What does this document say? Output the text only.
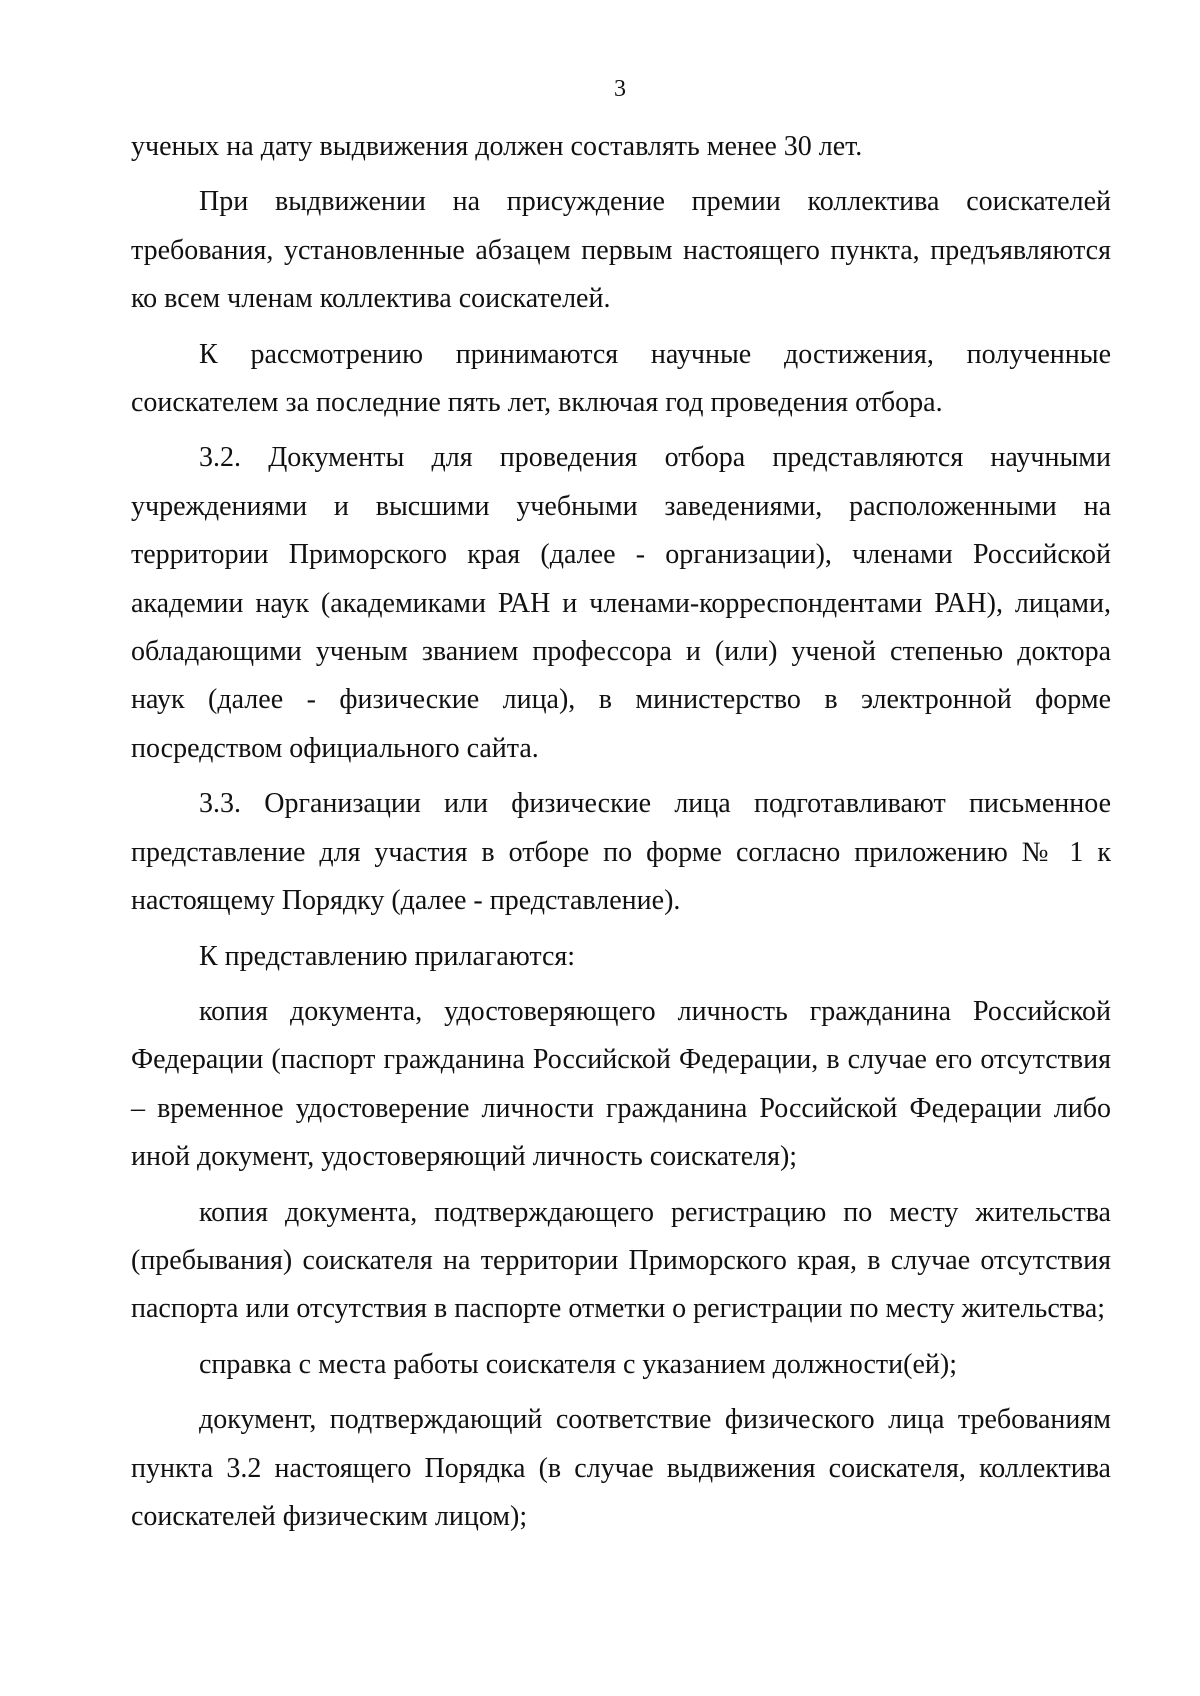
3

ученых на дату выдвижения должен составлять менее 30 лет.

При выдвижении на присуждение премии коллектива соискателей требования, установленные абзацем первым настоящего пункта, предъявляются ко всем членам коллектива соискателей.

К рассмотрению принимаются научные достижения, полученные соискателем за последние пять лет, включая год проведения отбора.

3.2. Документы для проведения отбора представляются научными учреждениями и высшими учебными заведениями, расположенными на территории Приморского края (далее - организации), членами Российской академии наук (академиками РАН и членами-корреспондентами РАН), лицами, обладающими ученым званием профессора и (или) ученой степенью доктора наук (далее - физические лица), в министерство в электронной форме посредством официального сайта.

3.3. Организации или физические лица подготавливают письменное представление для участия в отборе по форме согласно приложению № 1 к настоящему Порядку (далее - представление).

К представлению прилагаются:

копия документа, удостоверяющего личность гражданина Российской Федерации (паспорт гражданина Российской Федерации, в случае его отсутствия – временное удостоверение личности гражданина Российской Федерации либо иной документ, удостоверяющий личность соискателя);

копия документа, подтверждающего регистрацию по месту жительства (пребывания) соискателя на территории Приморского края, в случае отсутствия паспорта или отсутствия в паспорте отметки о регистрации по месту жительства;

справка с места работы соискателя с указанием должности(ей);

документ, подтверждающий соответствие физического лица требованиям пункта 3.2 настоящего Порядка (в случае выдвижения соискателя, коллектива соискателей физическим лицом);
